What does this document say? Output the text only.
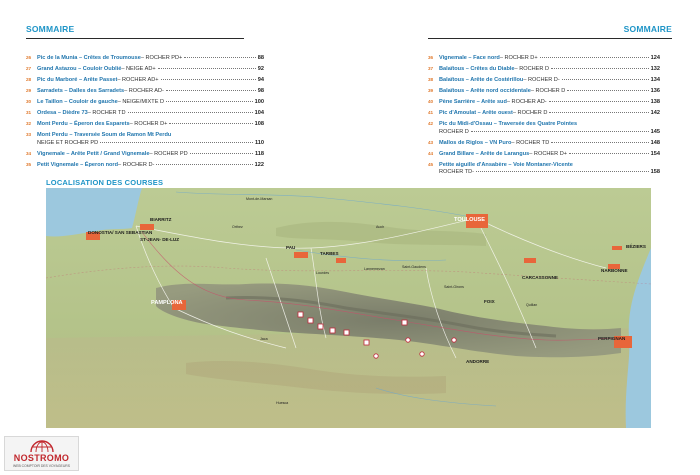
SOMMAIRE	SOMMAIRE
26	Pic de la Munia – Crêtes de Troumouse – ROCHER PD+	88
27	Grand Astazou – Couloir Oublié – NEIGE AD+	92
28	Pic du Marboré – Arête Passet – ROCHER AD+	94
29	Sarradets – Dalles des Sarradets – ROCHER AD-	98
30	Le Taillon – Couloir de gauche – NEIGE/MIXTE D	100
31	Ordesa – Dièdre 73 – ROCHER TD	104
32	Mont Perdu – Éperon des Esparets – ROCHER D+	108
33	Mont Perdu – Traversée Soum de Ramon Mt Perdu
NEIGE ET ROCHER PD	110
34	Vignemale – Arête Petit / Grand Vignemale – ROCHER PD	118
35	Petit Vignemale – Éperon nord – ROCHER D-	122
36	Vignemale – Face nord – ROCHER D+	124
37	Balaïtous – Crêtes du Diable – ROCHER D	132
38	Balaïtous – Arête de Costérillou – ROCHER D-	134
39	Balaïtous – Arête nord occidentale – ROCHER D	136
40	Pène Sarrière – Arête sud – ROCHER AD-	138
41	Pic d'Amoulat – Arête ouest – ROCHER D	142
42	Pic du Midi-d'Ossau – Traversée des Quatre Pointes
ROCHER D	145
43	Mallos de Riglos – VN Puro – ROCHER TD	148
44	Grand Billare – Arête de Larangus – ROCHER D+	154
45	Petite aiguille d'Ansabère – Voie Montaner-Vicente
ROCHER TD-	158
LOCALISATION DES COURSES
BIARRITZ
DONOSTIA/ SAN SEBASTIAN
ST-JEAN- DE-LUZ
PAU
TARBES
TOULOUSE
PAMPLONA
CARCASSONNE
FOIX
ANDORRE
PERPIGNAN
NARBONNE
BÉZIERS
Orthez
Lourdes
Lannemezan	Saint-Gaudens
Jaca
Huesca
Saint-Girons
Quillan
Auch
Mont-de-Marsan
NOSTROMO
WEB COMPTOIR DES VOYAGEURS
